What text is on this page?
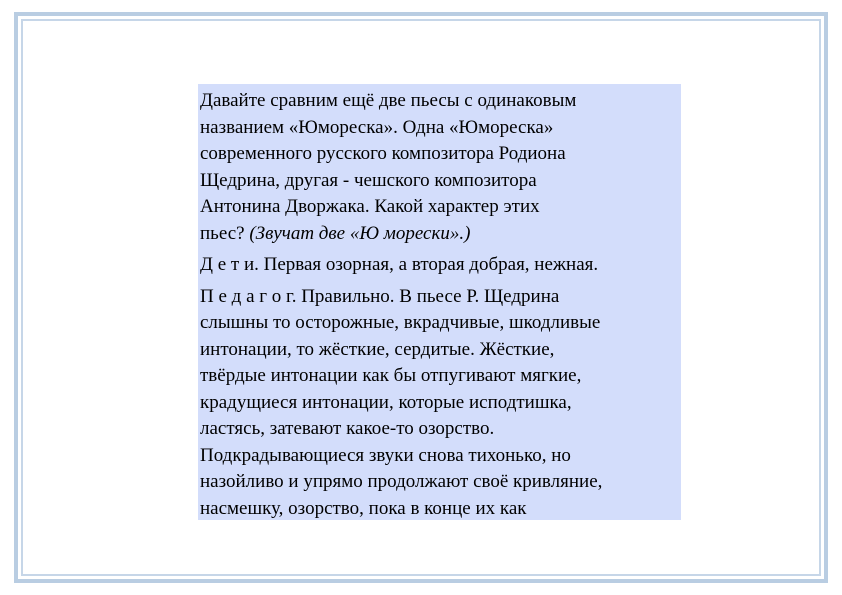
Давайте сравним ещё две пьесы с одинаковым
названием «Юмореска». Одна «Юмореска»
современного русского композитора Родиона
Щедрина, другая - чешского композитора
Антонина Дворжака. Какой характер этих
пьес? (Звучат две «Ю морески».)

Д е т и. Первая озорная, а вторая добрая, нежная.

П е д а г о г. Правильно. В пьесе Р. Щедрина
слышны то осторожные, вкрадчивые, шкодливые
интонации, то жёсткие, сердитые. Жёсткие,
твёрдые интонации как бы отпугивают мягкие,
крадущиеся интонации, которые исподтишка,
ластясь, затевают какое-то озорство.
Подкрадывающиеся звуки снова тихонько, но
назойливо и упрямо продолжают своё кривляние,
насмешку, озорство, пока в конце их как
